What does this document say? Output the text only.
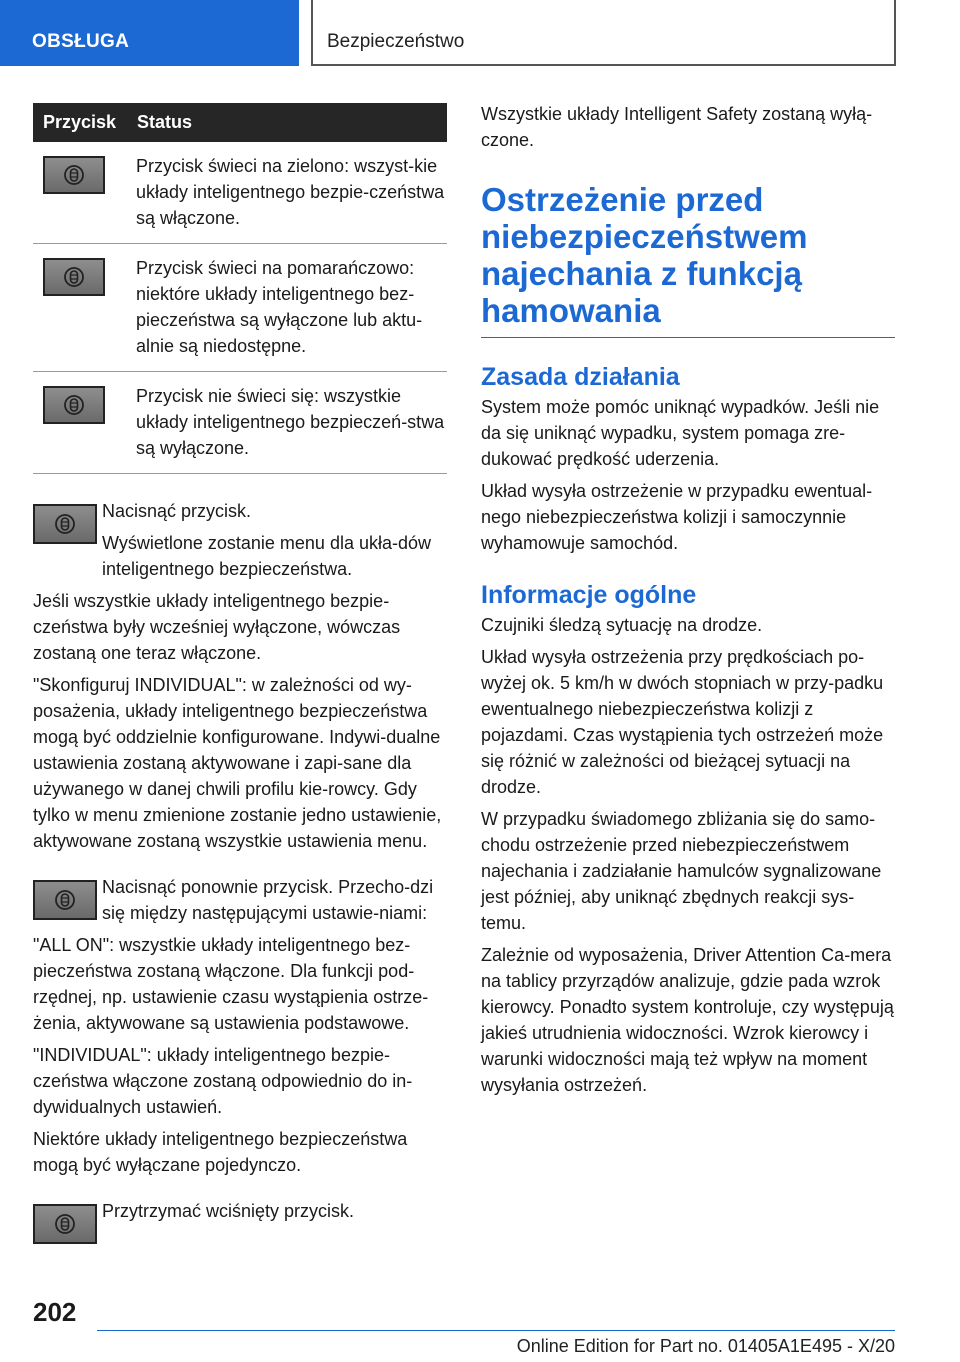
OBSŁUGA	Bezpieczeństwo
Przycisk	Status

	Przycisk świeci na zielono: wszyst-kie układy inteligentnego bezpie-czeństwa są włączone.

	Przycisk świeci na pomarańczowo: niektóre układy inteligentnego bez-pieczeństwa są wyłączone lub aktu-alnie są niedostępne.

	Przycisk nie świeci się: wszystkie układy inteligentnego bezpieczeń-stwa są wyłączone.

Nacisnąć przycisk.

Wyświetlone zostanie menu dla ukła-dów inteligentnego bezpieczeństwa.

Jeśli wszystkie układy inteligentnego bezpie-czeństwa były wcześniej wyłączone, wówczas zostaną one teraz włączone.

"Skonfiguruj INDIVIDUAL": w zależności od wy-posażenia, układy inteligentnego bezpieczeństwa mogą być oddzielnie konfigurowane. Indywi-dualne ustawienia zostaną aktywowane i zapi-sane dla używanego w danej chwili profilu kie-rowcy. Gdy tylko w menu zmienione zostanie jedno ustawienie, aktywowane zostaną wszystkie ustawienia menu.

Nacisnąć ponownie przycisk. Przecho-dzi się między następującymi ustawie-niami:

"ALL ON": wszystkie układy inteligentnego bez-pieczeństwa zostaną włączone. Dla funkcji pod-rzędnej, np. ustawienie czasu wystąpienia ostrze-żenia, aktywowane są ustawienia podstawowe.

"INDIVIDUAL": układy inteligentnego bezpie-czeństwa włączone zostaną odpowiednio do in-dywidualnych ustawień.

Niektóre układy inteligentnego bezpieczeństwa mogą być wyłączane pojedynczo.

Przytrzymać wciśnięty przycisk.

Wszystkie układy Intelligent Safety zostaną wyłą-czone.

Ostrzeżenie przed niebezpieczeństwem najechania z funkcją hamowania
Zasada działania

System może pomóc uniknąć wypadków. Jeśli nie da się uniknąć wypadku, system pomaga zre-dukować prędkość uderzenia.

Układ wysyła ostrzeżenie w przypadku ewentual-nego niebezpieczeństwa kolizji i samoczynnie wyhamowuje samochód.

Informacje ogólne

Czujniki śledzą sytuację na drodze.

Układ wysyła ostrzeżenia przy prędkościach po-wyżej ok. 5 km/h w dwóch stopniach w przy-padku ewentualnego niebezpieczeństwa kolizji z pojazdami. Czas wystąpienia tych ostrzeżeń może się różnić w zależności od bieżącej sytuacji na drodze.

W przypadku świadomego zbliżania się do samo-chodu ostrzeżenie przed niebezpieczeństwem najechania i zadziałanie hamulców sygnalizowane jest później, aby uniknąć zbędnych reakcji sys-temu.

Zależnie od wyposażenia, Driver Attention Ca-mera na tablicy przyrządów analizuje, gdzie pada wzrok kierowcy. Ponadto system kontroluje, czy występują jakieś utrudnienia widoczności. Wzrok kierowcy i warunki widoczności mają też wpływ na moment wysyłania ostrzeżeń.

202
Online Edition for Part no. 01405A1E495 - X/20
